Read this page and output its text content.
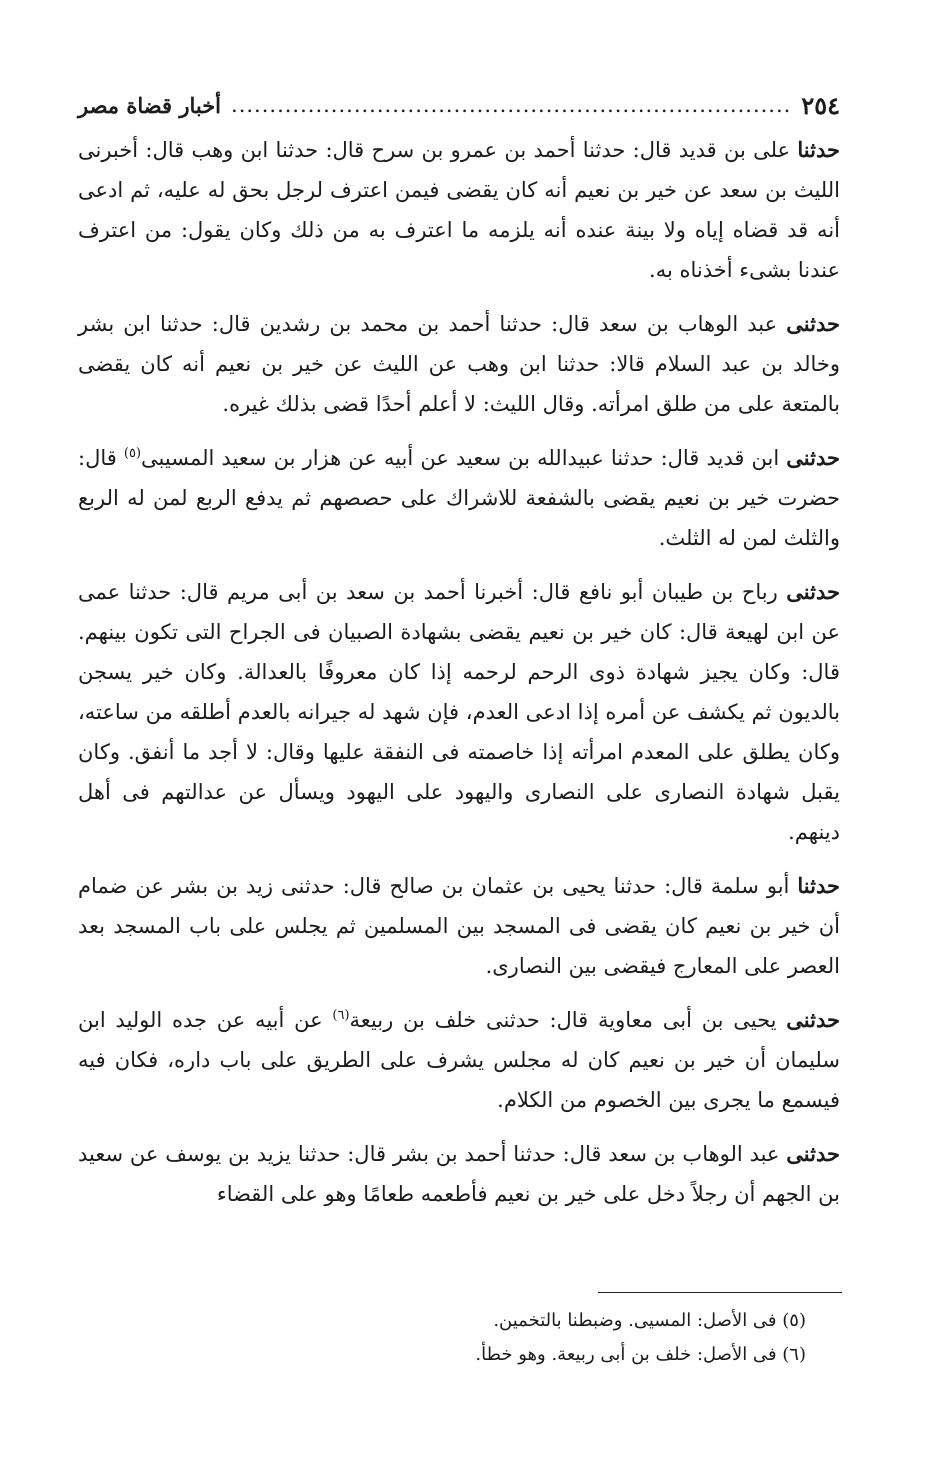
٢٥٤
.....
أخبار قضاة مصر

حدثنا على بن قديد قال: حدثنا أحمد بن عمرو بن سرح قال: حدثنا ابن وهب قال: أخبرنى الليث بن سعد عن خير بن نعيم أنه كان يقضى فيمن اعترف لرجل بحق له عليه، ثم ادعى أنه قد قضاه إياه ولا بينة عنده أنه يلزمه ما اعترف به من ذلك وكان يقول: من اعترف عندنا بشىء أخذناه به.

حدثنى عبد الوهاب بن سعد قال: حدثنا أحمد بن محمد بن رشدين قال: حدثنا ابن بشر وخالد بن عبد السلام قالا: حدثنا ابن وهب عن الليث عن خير بن نعيم أنه كان يقضى بالمتعة على من طلق امرأته. وقال الليث: لا أعلم أحدًا قضى بذلك غيره.

حدثنى ابن قديد قال: حدثنا عبيدالله بن سعيد عن أبيه عن هزار بن سعيد المسيبى$^{(٥)}$ قال: حضرت خير بن نعيم يقضى بالشفعة للاشراك على حصصهم ثم يدفع الربع لمن له الربع والثلث لمن له الثلث.

حدثنى رباح بن طيبان أبو نافع قال: أخبرنا أحمد بن سعد بن أبى مريم قال: حدثنا عمى عن ابن لهيعة قال: كان خير بن نعيم يقضى بشهادة الصبيان فى الجراح التى تكون بينهم. قال: وكان يجيز شهادة ذوى الرحم لرحمه إذا كان معروفًا بالعدالة. وكان خير يسجن بالديون ثم يكشف عن أمره إذا ادعى العدم، فإن شهد له جيرانه بالعدم أطلقه من ساعته، وكان يطلق على المعدم امرأته إذا خاصمته فى النفقة عليها وقال: لا أجد ما أنفق. وكان يقبل شهادة النصارى على النصارى واليهود على اليهود ويسأل عن عدالتهم فى أهل دينهم.

حدثنا أبو سلمة قال: حدثنا يحيى بن عثمان بن صالح قال: حدثنى زيد بن بشر عن ضمام أن خير بن نعيم كان يقضى فى المسجد بين المسلمين ثم يجلس على باب المسجد بعد العصر على المعارج فيقضى بين النصارى.

حدثنى يحيى بن أبى معاوية قال: حدثنى خلف بن ربيعة$^{(٦)}$ عن أبيه عن جده الوليد ابن سليمان أن خير بن نعيم كان له مجلس يشرف على الطريق على باب داره، فكان فيه فيسمع ما يجرى بين الخصوم من الكلام.

حدثنى عبد الوهاب بن سعد قال: حدثنا أحمد بن بشر قال: حدثنا يزيد بن يوسف عن سعيد بن الجهم أن رجلاً دخل على خير بن نعيم فأطعمه طعامًا وهو على القضاء

(٥) فى الأصل: المسيى. وضبطنا بالتخمين.
(٦) فى الأصل: خلف بن أبى ربيعة. وهو خطأ.
